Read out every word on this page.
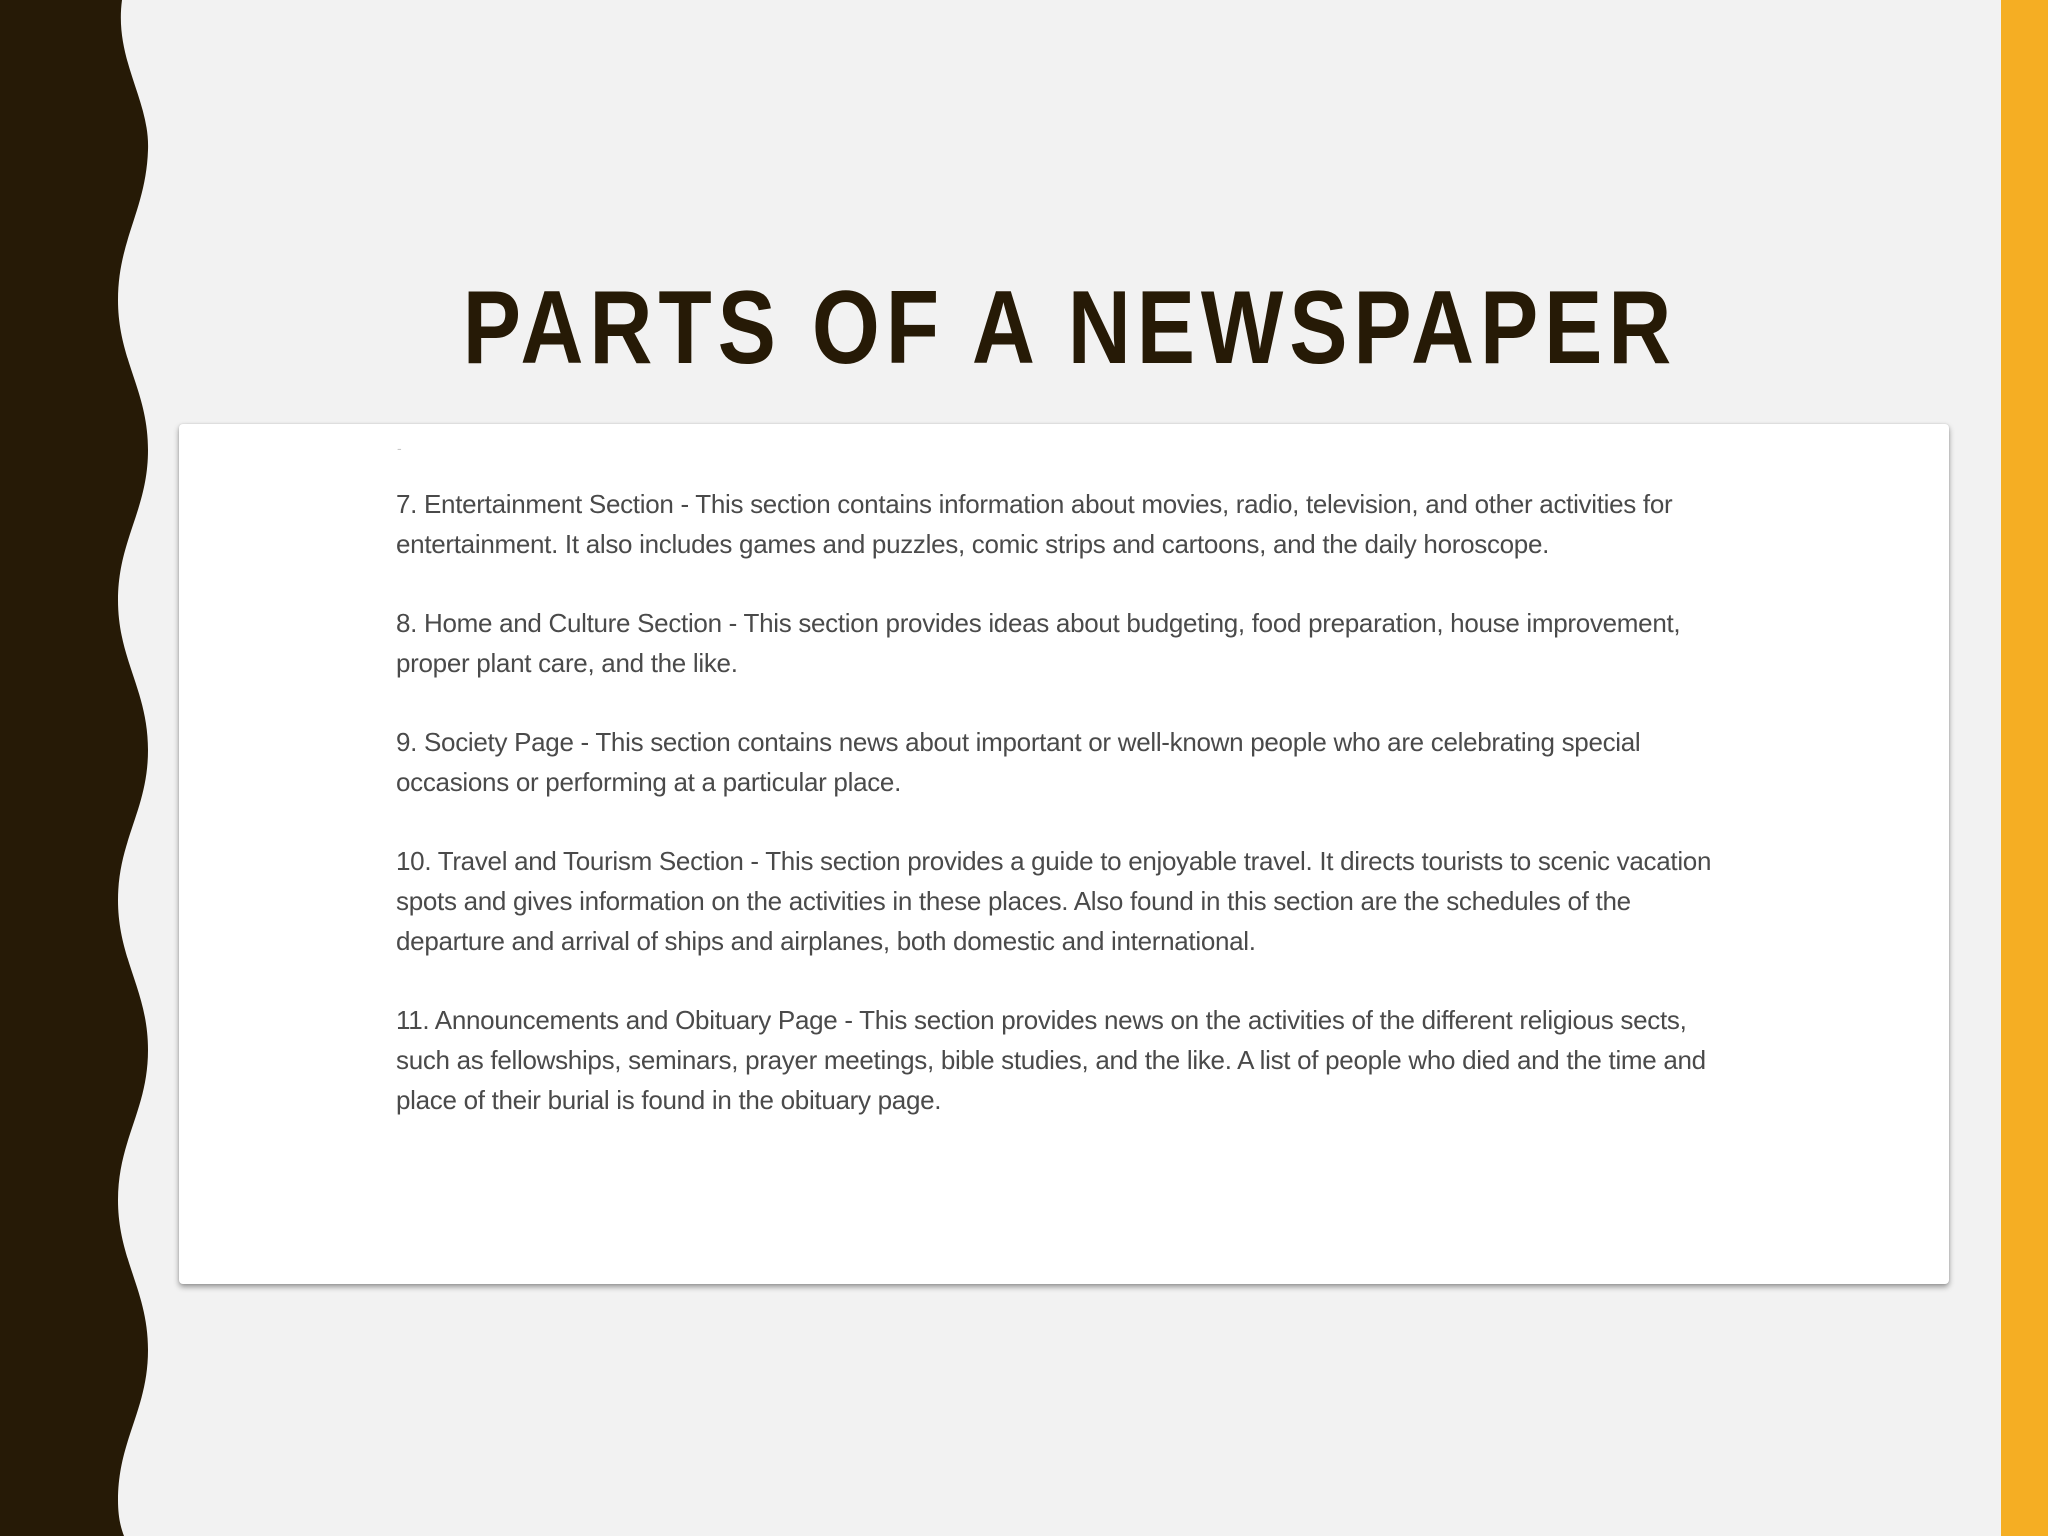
PARTS OF A NEWSPAPER
-

7. Entertainment Section - This section contains information about movies, radio, television, and other activities for entertainment. It also includes games and puzzles, comic strips and cartoons, and the daily horoscope.

8. Home and Culture Section - This section provides ideas about budgeting, food preparation, house improvement, proper plant care, and the like.

9. Society Page - This section contains news about important or well-known people who are celebrating special occasions or performing at a particular place.

10. Travel and Tourism Section - This section provides a guide to enjoyable travel. It directs tourists to scenic vacation spots and gives information on the activities in these places. Also found in this section are the schedules of the departure and arrival of ships and airplanes, both domestic and international.

11. Announcements and Obituary Page - This section provides news on the activities of the different religious sects, such as fellowships, seminars, prayer meetings, bible studies, and the like. A list of people who died and the time and place of their burial is found in the obituary page.
